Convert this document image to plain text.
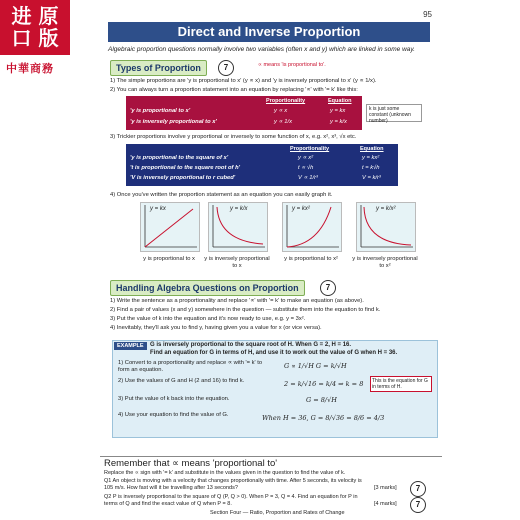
进 原
口 版
中華商務
95
Direct and Inverse Proportion
Algebraic proportion questions normally involve two variables (often x and y) which are linked in some way.
Types of Proportion	7	∝ means 'is proportional to'.
1) The simple proportions are 'y is proportional to x' (y ∝ x) and 'y is inversely proportional to x' (y ∝ 1/x).
2) You can always turn a proportion statement into an equation by replacing '∝' with '= k' like this:
Proportionality	Equation
'y is proportional to x'	y ∝ x	y = kx
'y is inversely proportional to x'	y ∝ 1/x	y = k/x
k is just some constant (unknown number)
3) Trickier proportions involve y proportional or inversely to some function of x, e.g. x², x³, √x etc.
Proportionality	Equation
'y is proportional to the square of x'	y ∝ x²	y = kx²
't is proportional to the square root of h'	t ∝ √h	t = k√h
'V is inversely proportional to r cubed'	V ∝ 1/r³	V = k/r³
4) Once you've written the proportion statement as an equation you can easily graph it.
y = kx	y = k/x	y = kx²	y = k/x²
y is proportional to x	y is inversely proportional to x
y is proportional to x²	y is inversely proportional to x²
Handling Algebra Questions on Proportion	7
1) Write the sentence as a proportionality and replace '∝' with '= k' to make an equation (as above).
2) Find a pair of values (x and y) somewhere in the question — substitute them into the equation to find k.
3) Put the value of k into the equation and it's now ready to use, e.g. y = 3x².
4) Inevitably, they'll ask you to find y, having given you a value for x (or vice versa).
EXAMPLE	G is inversely proportional to the square root of H. When G = 2, H = 16.
Find an equation for G in terms of H, and use it to work out the value of G when H = 36.
1) Convert to a proportionality and replace ∝ with '= k' to form an equation.	G ∝ 1/√H G = k/√H
2) Use the values of G and H (2 and 16) to find k.	2 = k/√16 = k/4 ⇒ k = 8	This is the equation for G in terms of H.
3) Put the value of k back into the equation.	G = 8/√H
4) Use your equation to find the value of G.	When H = 36, G = 8/√36 = 8/6 = 4/3
Remember that ∝ means 'proportional to'
Replace the ∝ sign with '= k' and substitute in the values given in the question to find the value of k.
Q1 An object is moving with a velocity that changes proportionally with time. After 5 seconds, its velocity is 105 m/s. How fast will it be travelling after 13 seconds?	[3 marks]
Q2 P is inversely proportional to the square of Q (P, Q > 0). When P = 3, Q = 4. Find an equation for P in terms of Q and find the exact value of Q when P = 8.	[4 marks]
7
7
Section Four — Ratio, Proportion and Rates of Change
